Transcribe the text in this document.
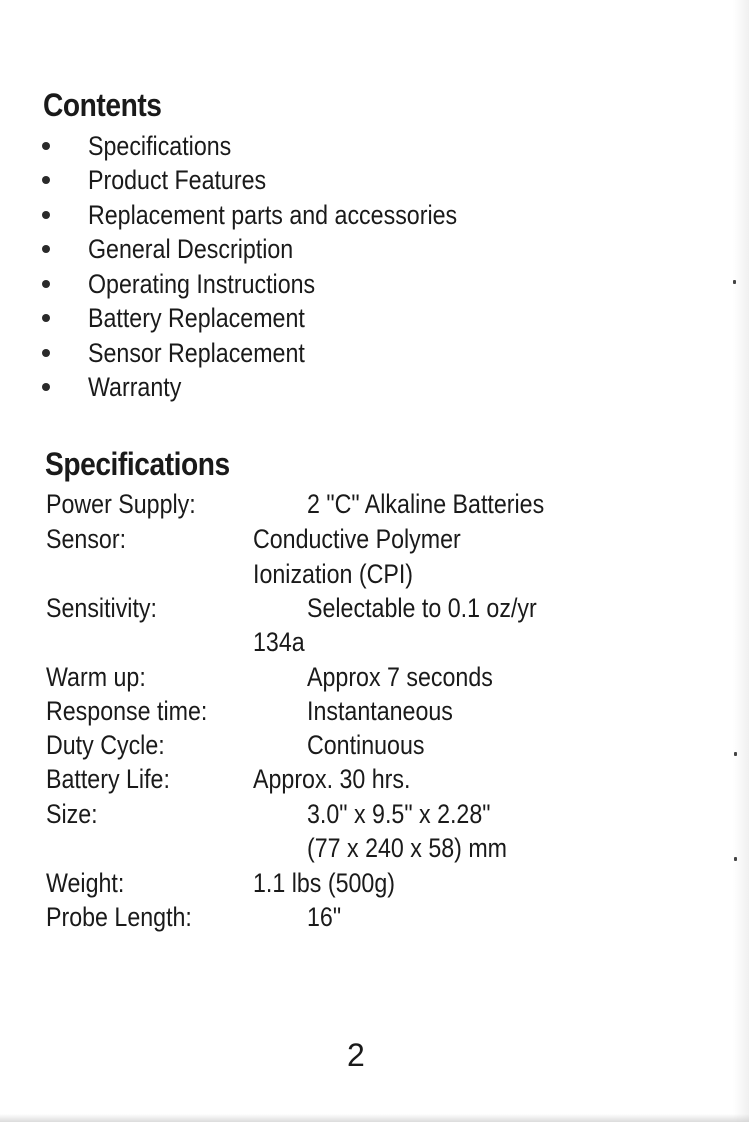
Contents
Specifications
Product Features
Replacement parts and accessories
General Description
Operating Instructions
Battery Replacement
Sensor Replacement
Warranty
Specifications
Power Supply:	2 "C" Alkaline Batteries
Sensor:	Conductive Polymer
Ionization (CPI)
Sensitivity:	Selectable to 0.1 oz/yr
134a
Warm up:	Approx 7 seconds
Response time:	Instantaneous
Duty Cycle:	Continuous
Battery Life:	Approx. 30 hrs.
Size:	3.0" x 9.5" x 2.28"
(77 x 240 x 58) mm
Weight:	1.1 lbs (500g)
Probe Length:	16"
2
